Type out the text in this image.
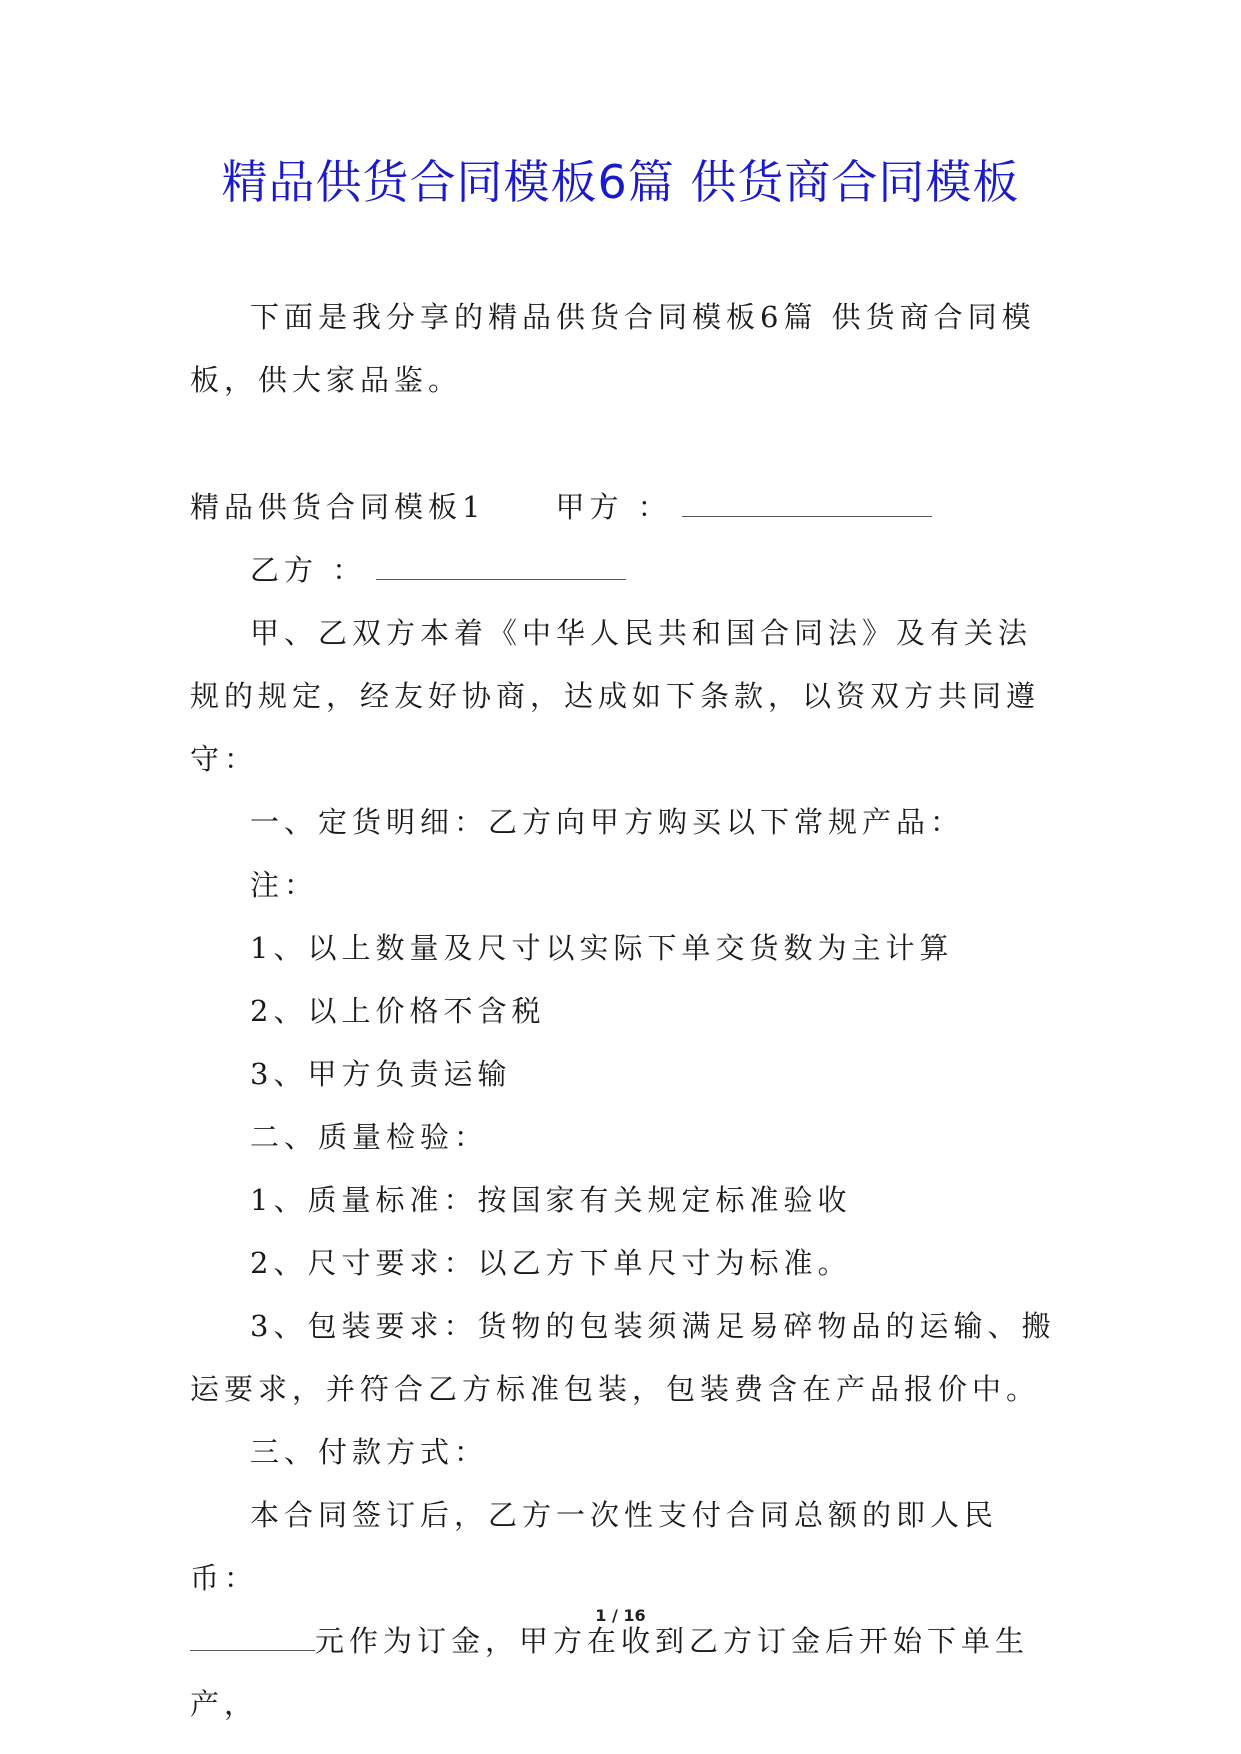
精品供货合同模板6篇 供货商合同模板

下面是我分享的精品供货合同模板6篇 供货商合同模板，供大家品鉴。

精品供货合同模板1 甲方 ：

乙方 ：

甲、乙双方本着《中华人民共和国合同法》及有关法规的规定，经友好协商，达成如下条款，以资双方共同遵守：

一、定货明细：乙方向甲方购买以下常规产品：

注：

1、以上数量及尺寸以实际下单交货数为主计算

2、以上价格不含税

3、甲方负责运输

二、质量检验：

1、质量标准：按国家有关规定标准验收

2、尺寸要求：以乙方下单尺寸为标准。

3、包装要求：货物的包装须满足易碎物品的运输、搬运要求，并符合乙方标准包装，包装费含在产品报价中。

三、付款方式：

本合同签订后，乙方一次性支付合同总额的即人民币：

元作为订金，甲方在收到乙方订金后开始下单生产，

1 / 16
